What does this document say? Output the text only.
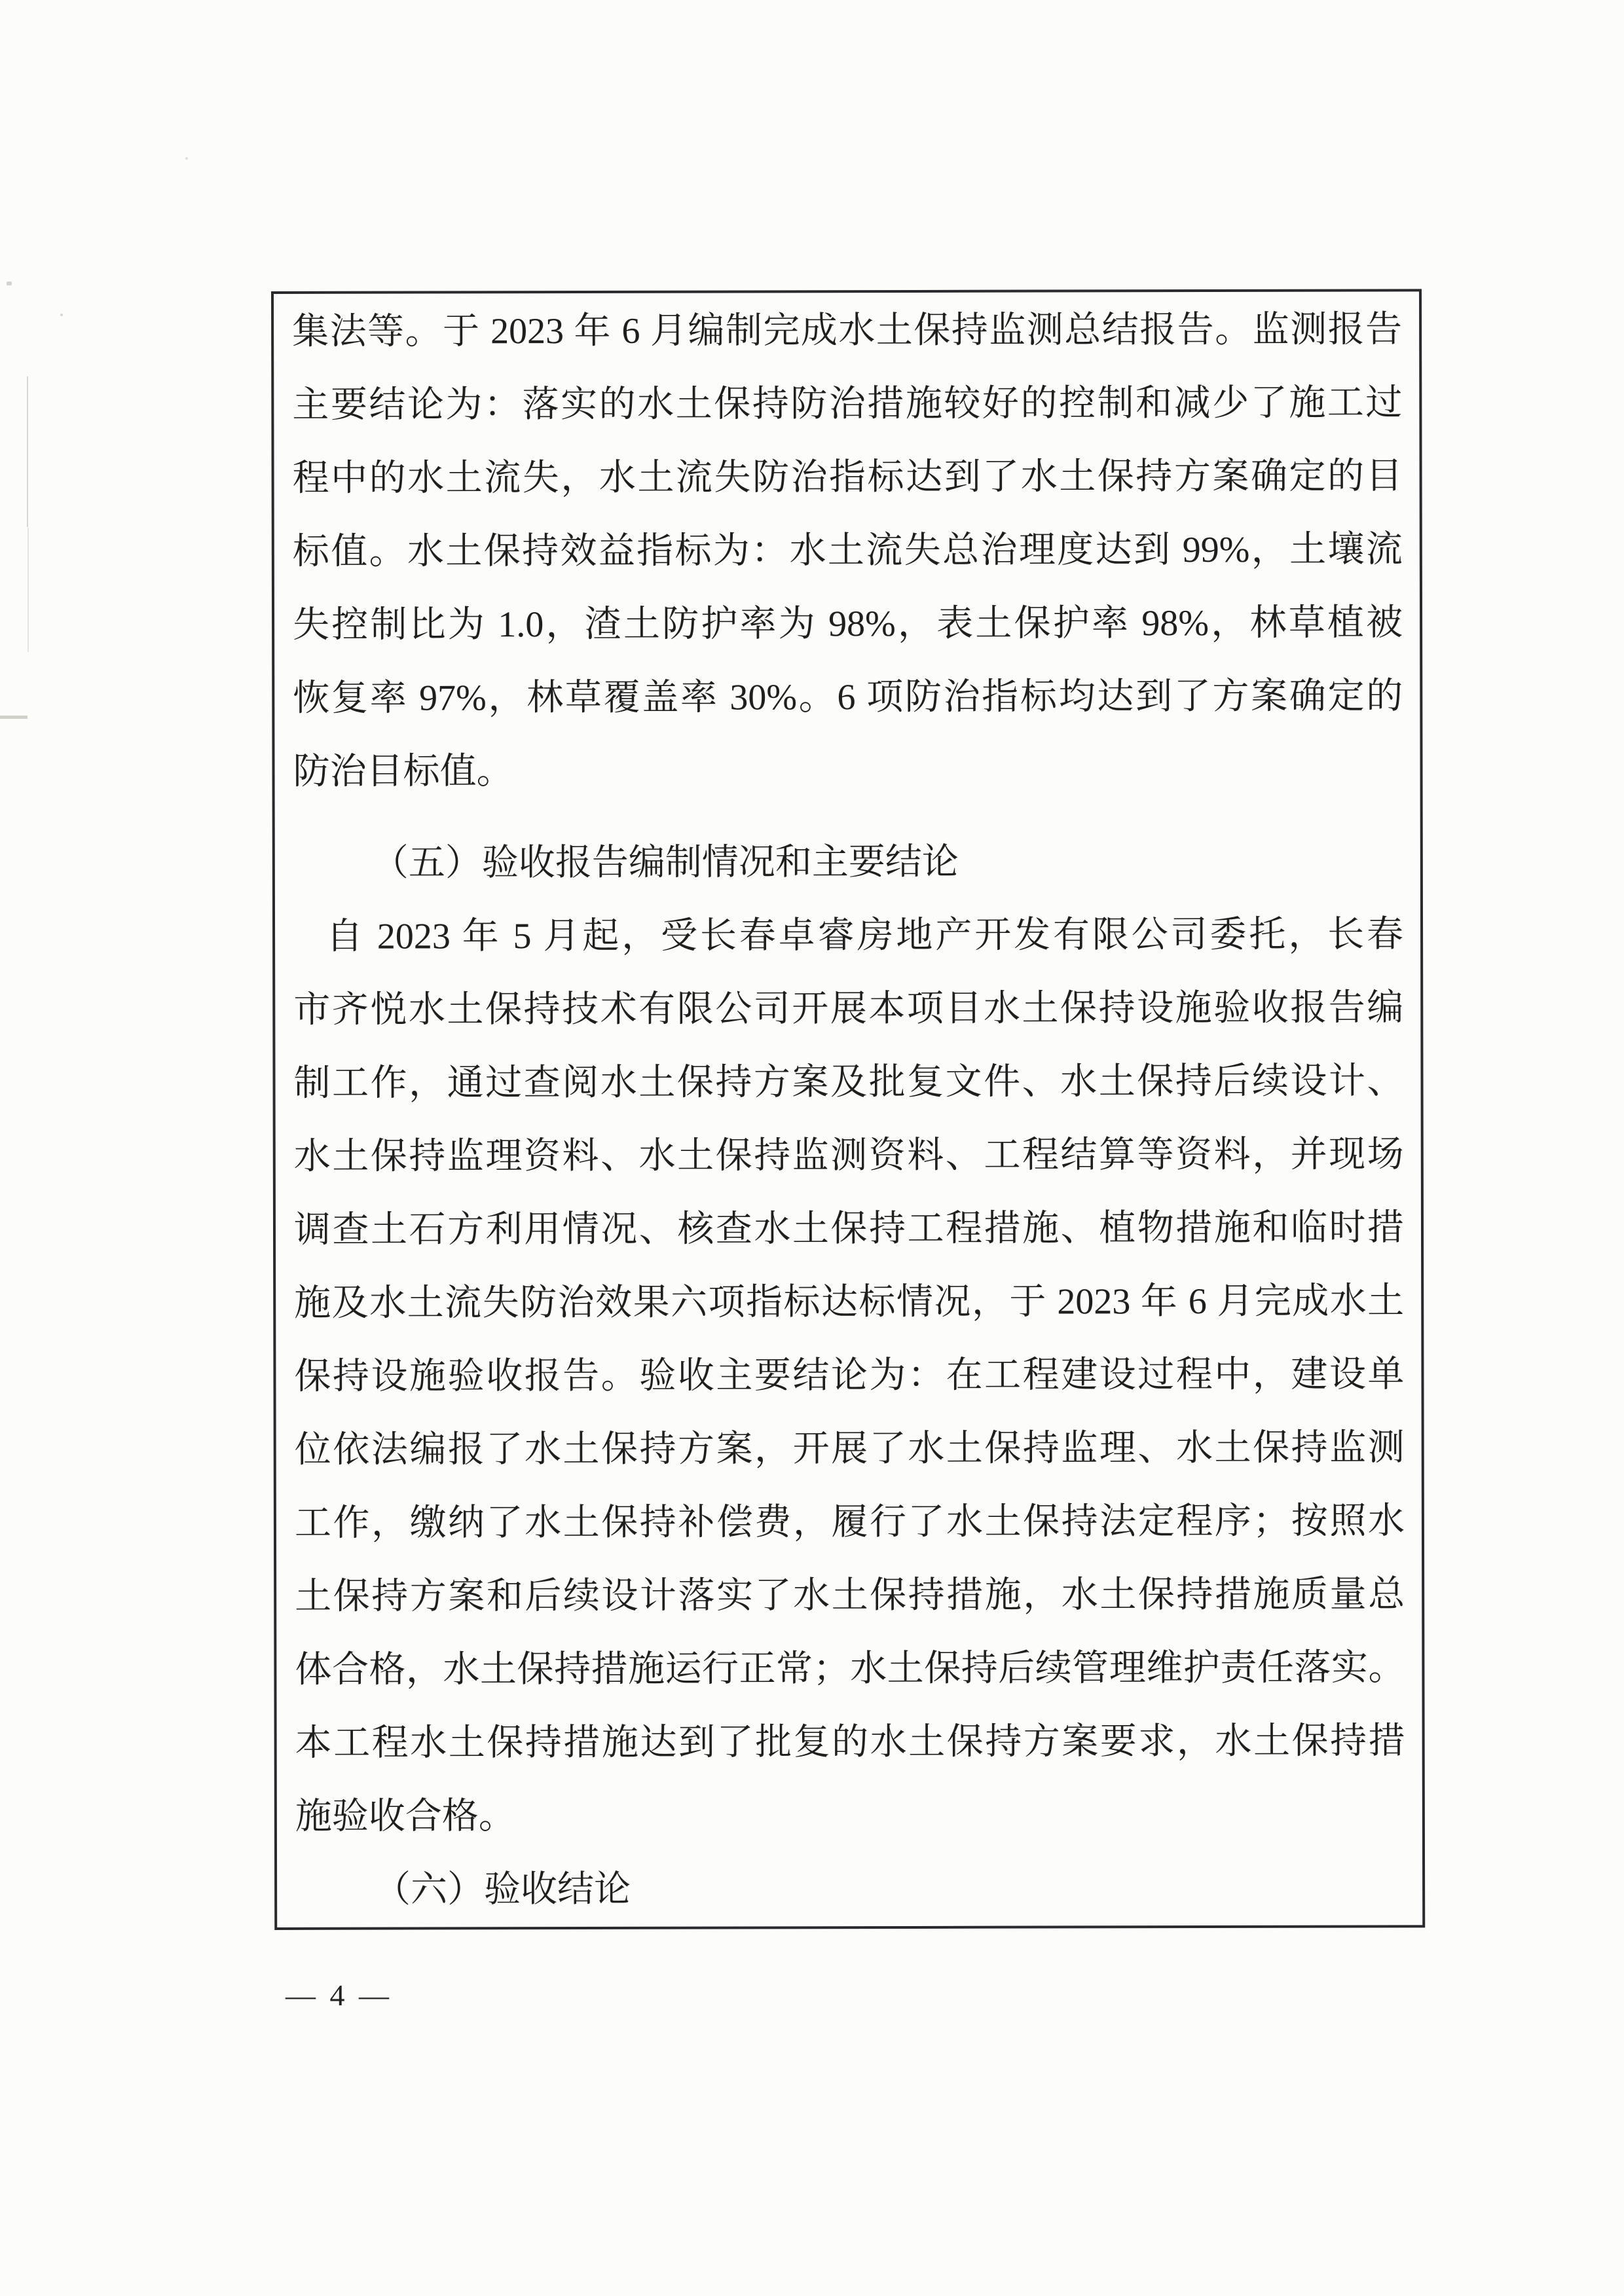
集法等。于 2023 年 6 月编制完成水土保持监测总结报告。监测报告
主要结论为：落实的水土保持防治措施较好的控制和减少了施工过
程中的水土流失，水土流失防治指标达到了水土保持方案确定的目
标值。水土保持效益指标为：水土流失总治理度达到 99%，土壤流
失控制比为 1.0，渣土防护率为 98%，表土保护率 98%，林草植被
恢复率 97%，林草覆盖率 30%。6 项防治指标均达到了方案确定的
防治目标值。
（五）验收报告编制情况和主要结论
自 2023 年 5 月起，受长春卓睿房地产开发有限公司委托，长春
市齐悦水土保持技术有限公司开展本项目水土保持设施验收报告编
制工作，通过查阅水土保持方案及批复文件、水土保持后续设计、
水土保持监理资料、水土保持监测资料、工程结算等资料，并现场
调查土石方利用情况、核查水土保持工程措施、植物措施和临时措
施及水土流失防治效果六项指标达标情况，于 2023 年 6 月完成水土
保持设施验收报告。验收主要结论为：在工程建设过程中，建设单
位依法编报了水土保持方案，开展了水土保持监理、水土保持监测
工作，缴纳了水土保持补偿费，履行了水土保持法定程序；按照水
土保持方案和后续设计落实了水土保持措施，水土保持措施质量总
体合格，水土保持措施运行正常；水土保持后续管理维护责任落实。
本工程水土保持措施达到了批复的水土保持方案要求，水土保持措
施验收合格。
（六）验收结论
— 4 —
